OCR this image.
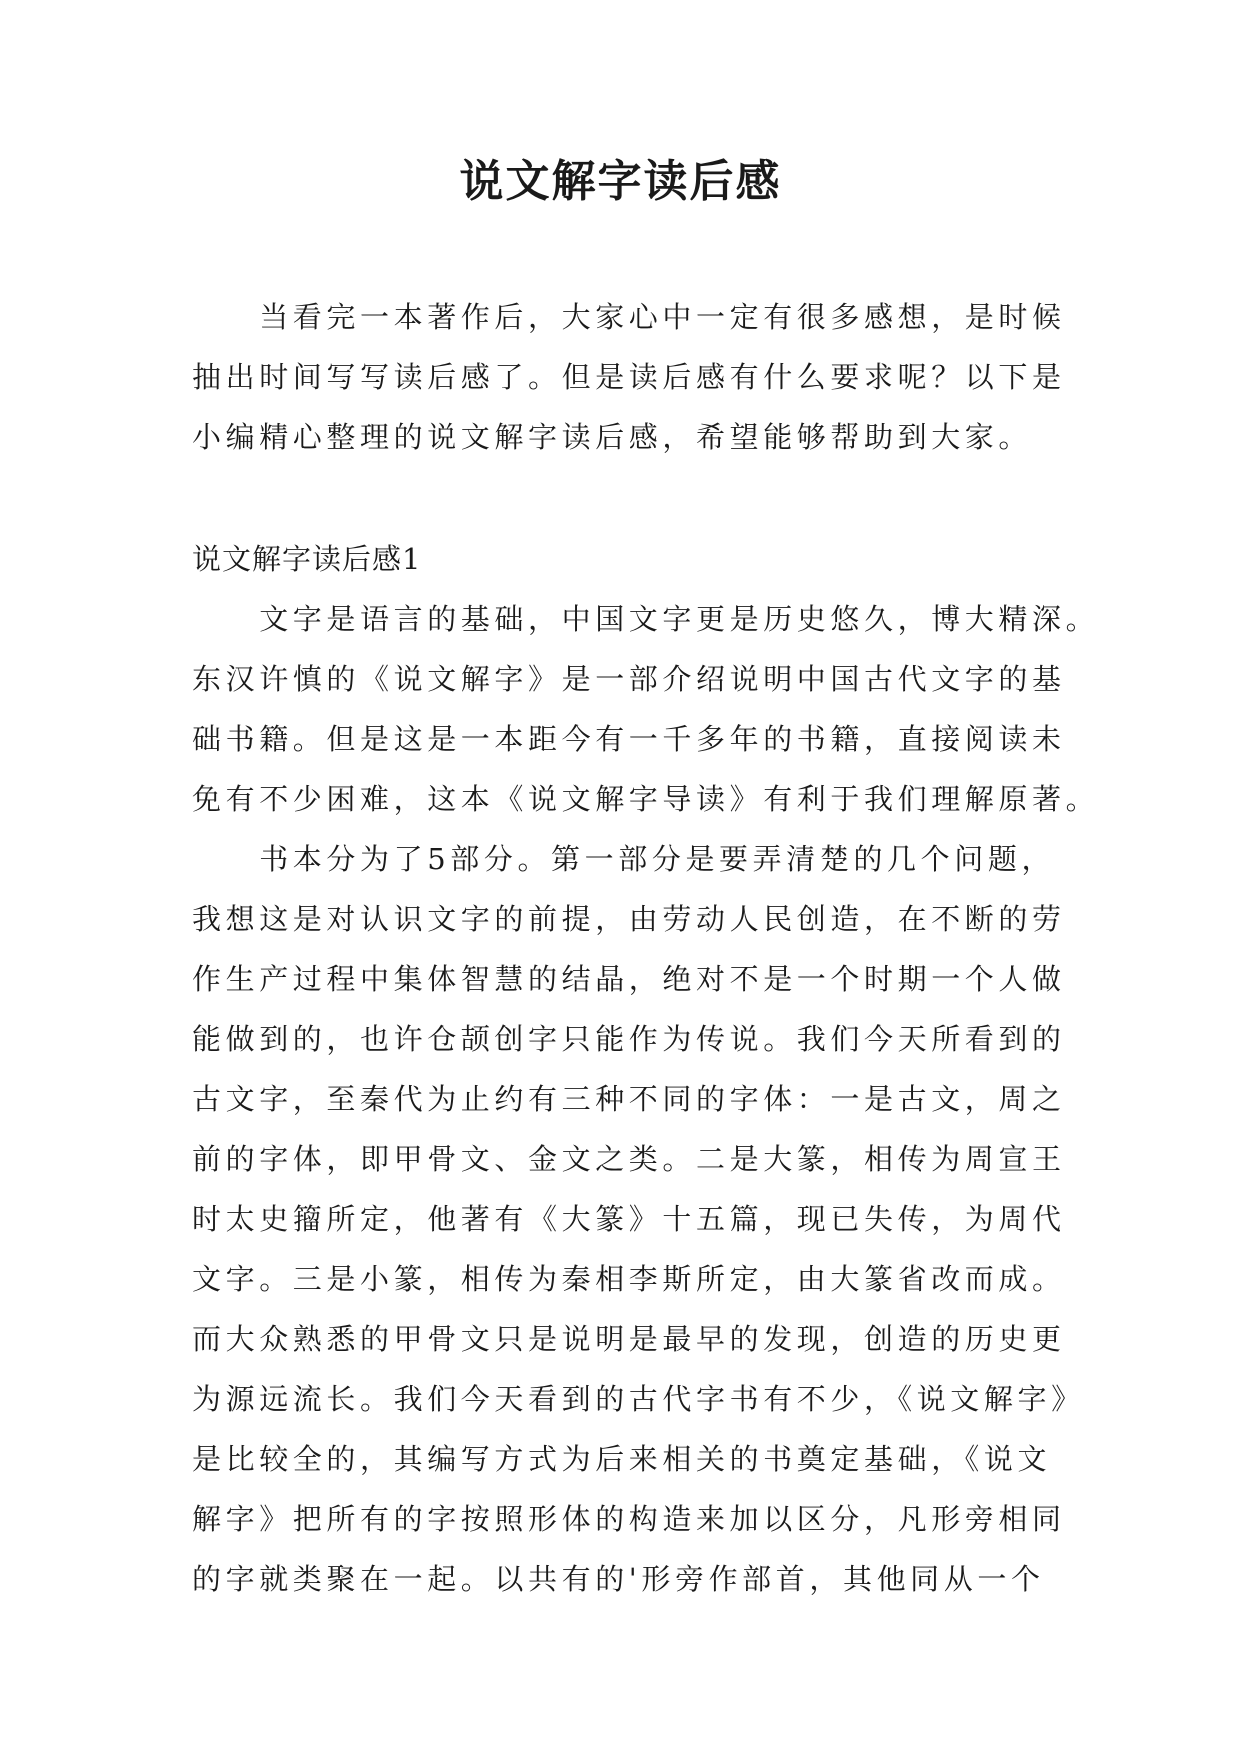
说文解字读后感
　　当看完一本著作后，大家心中一定有很多感想，是时候
抽出时间写写读后感了。但是读后感有什么要求呢？以下是
小编精心整理的说文解字读后感，希望能够帮助到大家。
说文解字读后感1
　　文字是语言的基础，中国文字更是历史悠久，博大精深。
东汉许慎的《说文解字》是一部介绍说明中国古代文字的基
础书籍。但是这是一本距今有一千多年的书籍，直接阅读未
免有不少困难，这本《说文解字导读》有利于我们理解原著。
　　书本分为了5部分。第一部分是要弄清楚的几个问题，
我想这是对认识文字的前提，由劳动人民创造，在不断的劳
作生产过程中集体智慧的结晶，绝对不是一个时期一个人做
能做到的，也许仓颉创字只能作为传说。我们今天所看到的
古文字，至秦代为止约有三种不同的字体：一是古文，周之
前的字体，即甲骨文、金文之类。二是大篆，相传为周宣王
时太史籀所定，他著有《大篆》十五篇，现已失传，为周代
文字。三是小篆，相传为秦相李斯所定，由大篆省改而成。
而大众熟悉的甲骨文只是说明是最早的发现，创造的历史更
为源远流长。我们今天看到的古代字书有不少，《说文解字》
是比较全的，其编写方式为后来相关的书奠定基础，《说文
解字》把所有的字按照形体的构造来加以区分，凡形旁相同
的字就类聚在一起。以共有的'形旁作部首，其他同从一个
